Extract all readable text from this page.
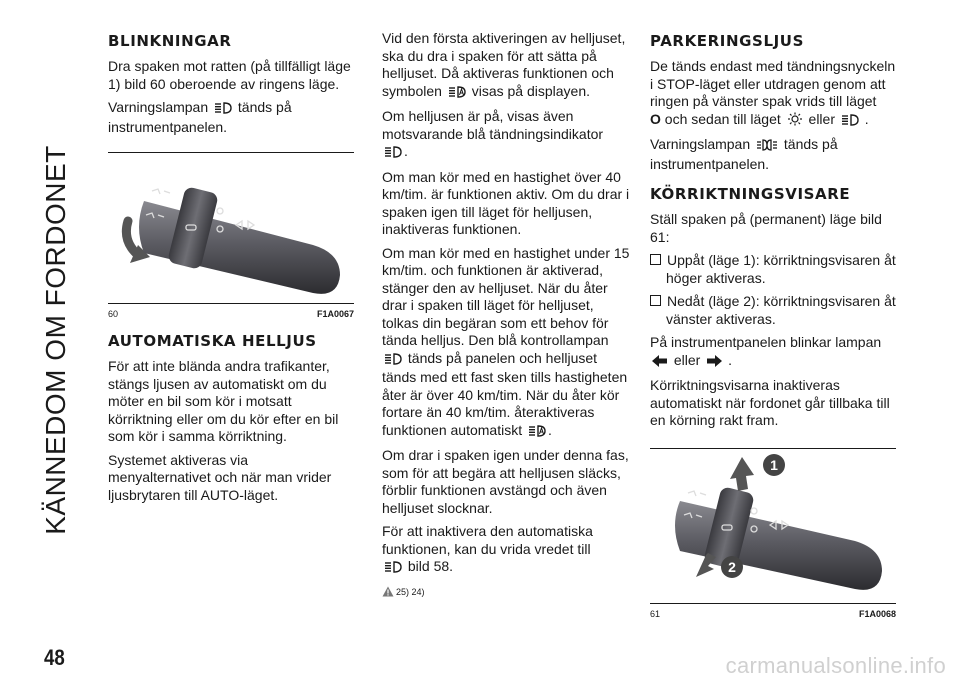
KÄNNEDOM OM FORDONET
48	carmanualsonline.info
BLINKNINGAR

Dra spaken mot ratten (på tillfälligt läge 1) bild 60 oberoende av ringens läge.

Varningslampan tänds på instrumentpanelen.

60	F1A0067
AUTOMATISKA HELLJUS

För att inte blända andra trafikanter, stängs ljusen av automatiskt om du möter en bil som kör i motsatt körriktning eller om du kör efter en bil som kör i samma körriktning.

Systemet aktiveras via menyalternativet och när man vrider ljusbrytaren till AUTO-läget.

Vid den första aktiveringen av helljuset, ska du dra i spaken för att sätta på helljuset. Då aktiveras funktionen och symbolen visas på displayen.

Om helljusen är på, visas även motsvarande blå tändningsindikator
.

Om man kör med en hastighet över 40 km/tim. är funktionen aktiv. Om du drar i spaken igen till läget för helljusen, inaktiveras funktionen.

Om man kör med en hastighet under 15 km/tim. och funktionen är aktiverad, stänger den av helljuset. När du åter drar i spaken till läget för helljuset, tolkas din begäran som ett behov för tända helljus. Den blå kontrollampan
tänds på panelen och helljuset tänds med ett fast sken tills hastigheten åter är över 40 km/tim. När du åter kör fortare än 40 km/tim. återaktiveras funktionen automatiskt .

Om drar i spaken igen under denna fas, som för att begära att helljusen släcks, förblir funktionen avstängd och även helljuset slocknar.

För att inaktivera den automatiska funktionen, kan du vrida vredet till
bild 58.

25) 24)

PARKERINGSLJUS

De tänds endast med tändningsnyckeln i STOP-läget eller utdragen genom att ringen på vänster spak vrids till läget
O och sedan till läget eller .

Varningslampan tänds på instrumentpanelen.

KÖRRIKTNINGSVISARE

Ställ spaken på (permanent) läge bild 61:

Uppåt (läge 1): körriktningsvisaren åt höger aktiveras.

Nedåt (läge 2): körriktningsvisaren åt vänster aktiveras.

På instrumentpanelen blinkar lampan
eller .

Körriktningsvisarna inaktiveras automatiskt när fordonet går tillbaka till en körning rakt fram.

1
2
61	F1A0068
